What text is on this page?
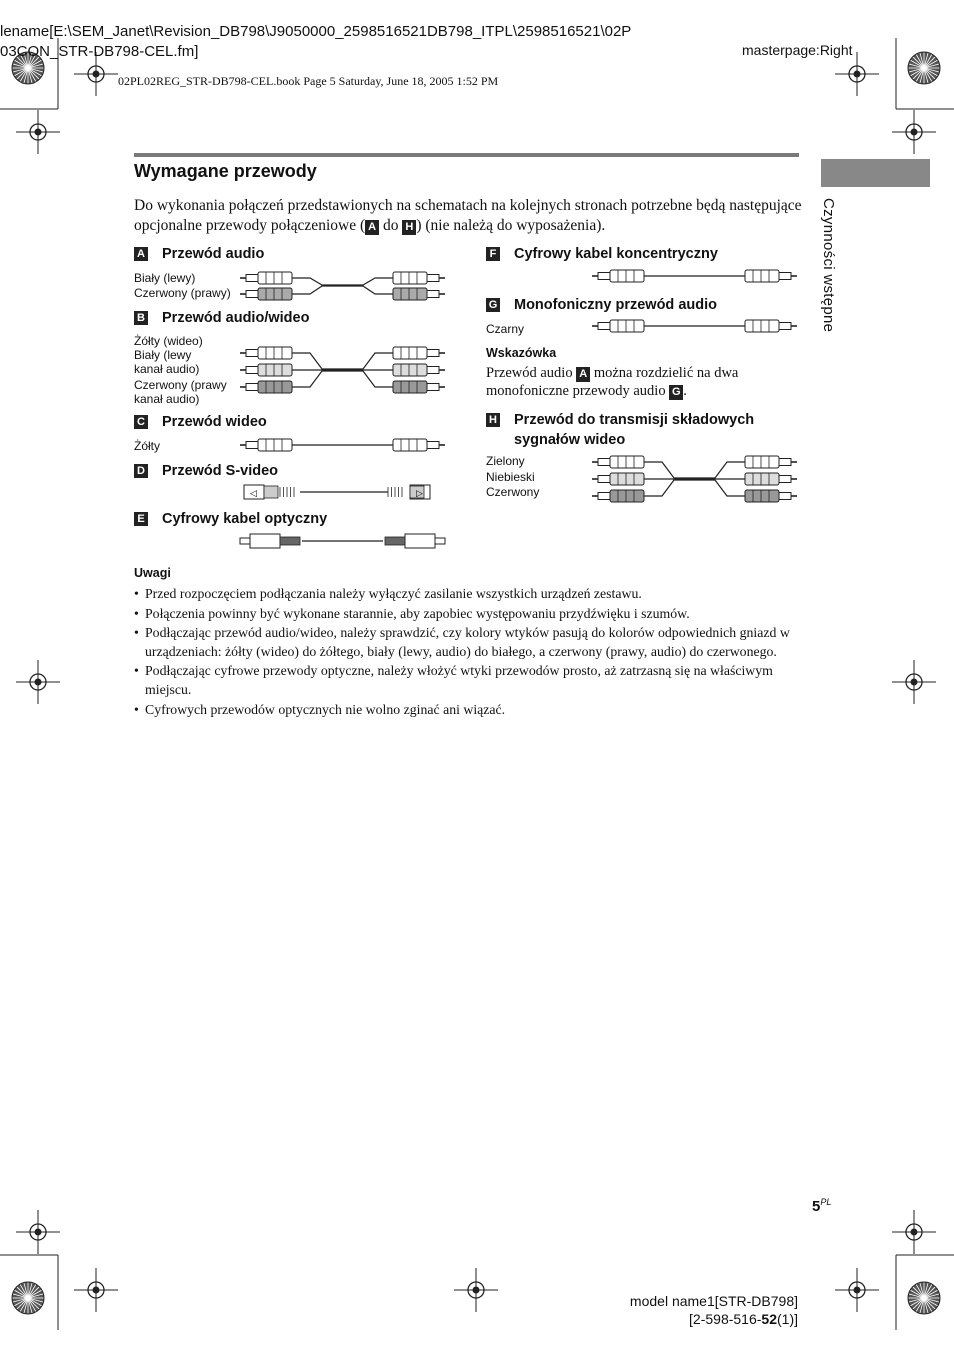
lename[E:\SEM_Janet\Revision_DB798\J9050000_2598516521DB798_ITPL\2598516521\02P
03CON_STR-DB798-CEL.fm]	masterpage:Right
02PL02REG_STR-DB798-CEL.book Page 5 Saturday, June 18, 2005 1:52 PM
Wymagane przewody
Do wykonania połączeń przedstawionych na schematach na kolejnych stronach potrzebne będą następujące opcjonalne przewody połączeniowe ( A do H ) (nie należą do wyposażenia).	Czynności wstępne
A Przewód audio
Biały (lewy)
Czerwony (prawy)
B Przewód audio/wideo
Żółty (wideo)
Biały (lewy
kanał audio)
Czerwony (prawy
kanał audio)
C Przewód wideo
Żółty
D Przewód S-video
◁	▷
E Cyfrowy kabel optyczny
F Cyfrowy kabel koncentryczny
G Monofoniczny przewód audio
Czarny
Wskazówka
Przewód audio A można rozdzielić na dwa monofoniczne przewody audio G .
H Przewód do transmisji składowych
sygnałów wideo
Zielony
Niebieski
Czerwony
Uwagi
• Przed rozpoczęciem podłączania należy wyłączyć zasilanie wszystkich urządzeń zestawu.
• Połączenia powinny być wykonane starannie, aby zapobiec występowaniu przydźwięku i szumów.
• Podłączając przewód audio/wideo, należy sprawdzić, czy kolory wtyków pasują do kolorów odpowiednich gniazd w urządzeniach: żółty (wideo) do żółtego, biały (lewy, audio) do białego, a czerwony (prawy, audio) do czerwonego.
• Podłączając cyfrowe przewody optyczne, należy włożyć wtyki przewodów prosto, aż zatrzasną się na właściwym miejscu.
• Cyfrowych przewodów optycznych nie wolno zginać ani wiązać.
$5^{PL}$
model name1[STR-DB798]
[2-598-516-52(1)]
